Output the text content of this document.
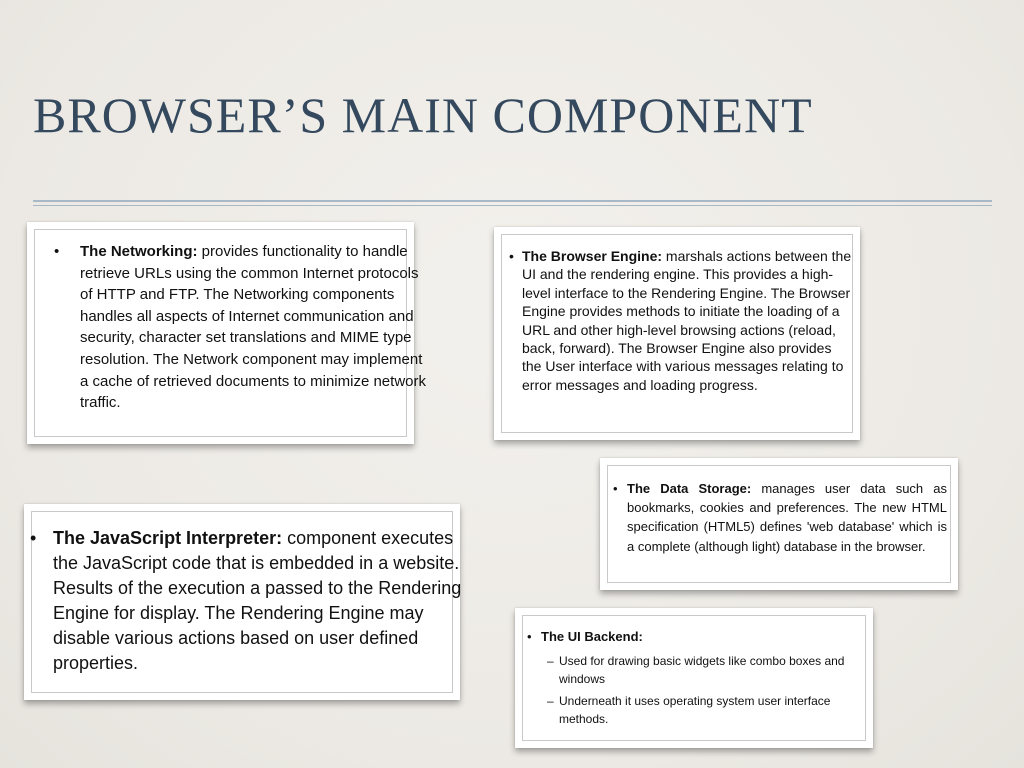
BROWSER’S MAIN COMPONENT
• The Networking: provides functionality to handle retrieve URLs using the common Internet protocols of HTTP and FTP. The Networking components handles all aspects of Internet communication and security, character set translations and MIME type resolution. The Network component may implement a cache of retrieved documents to minimize network traffic.
• The Browser Engine: marshals actions between the UI and the rendering engine. This provides a high-level interface to the Rendering Engine. The Browser Engine provides methods to initiate the loading of a URL and other high-level browsing actions (reload, back, forward). The Browser Engine also provides the User interface with various messages relating to error messages and loading progress.
• The Data Storage: manages user data such as bookmarks, cookies and preferences. The new HTML specification (HTML5) defines 'web database' which is a complete (although light) database in the browser.
• The JavaScript Interpreter: component executes the JavaScript code that is embedded in a website. Results of the execution a passed to the Rendering Engine for display. The Rendering Engine may disable various actions based on user defined properties.
• The UI Backend:
– Used for drawing basic widgets like combo boxes and windows
– Underneath it uses operating system user interface methods.
